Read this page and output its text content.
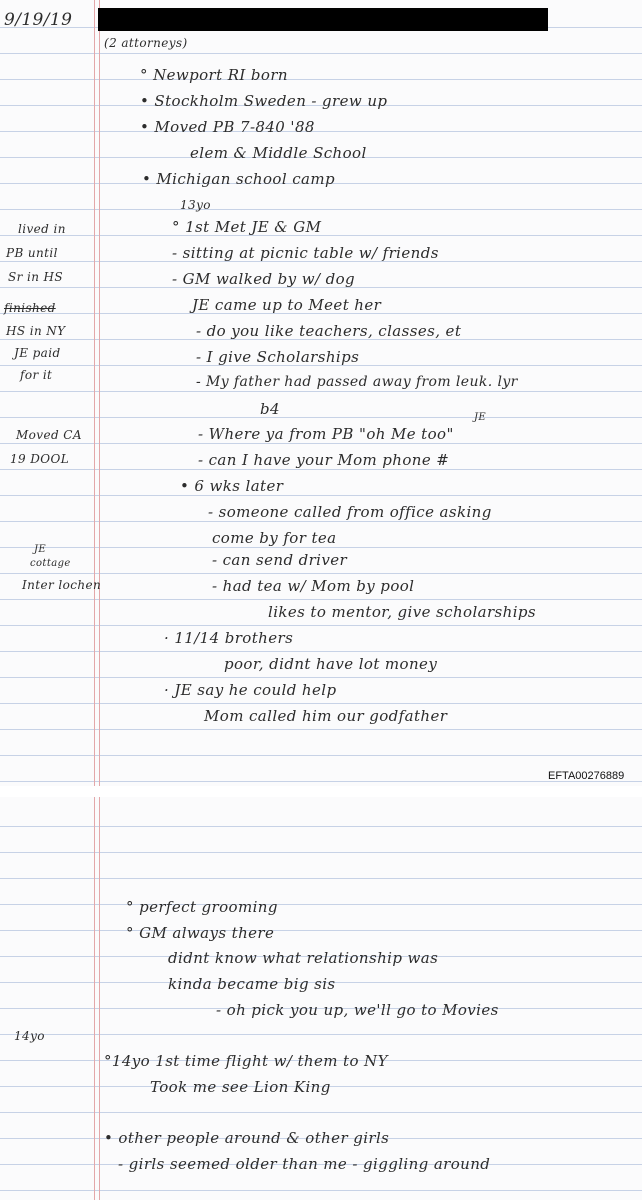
9/19/19
(2 attorneys)
° Newport RI born
• Stockholm Sweden - grew up
• Moved PB 7-840 '88
elem & Middle School
• Michigan school camp
13yo
° 1st Met JE & GM
- sitting at picnic table w/ friends
- GM walked by w/ dog
JE came up to Meet her
- do you like teachers, classes, et
- I give Scholarships
- My father had passed away from leuk. lyr
b4	JE
- Where ya from PB "oh Me too"
- can I have your Mom phone #
• 6 wks later
- someone called from office asking
come by for tea
- can send driver
- had tea w/ Mom by pool
likes to mentor, give scholarships
· 11/14 brothers
poor, didnt have lot money
· JE say he could help
Mom called him our godfather
lived in
PB until
Sr in HS
finished
HS in NY
JE paid
for it
Moved CA
19 DOOL
JE
cottage
Inter lochen
EFTA00276889
° perfect grooming
° GM always there
didnt know what relationship was
kinda became big sis
- oh pick you up, we'll go to Movies
14yo
°14yo 1st time flight w/ them to NY
Took me see Lion King
• other people around & other girls
- girls seemed older than me - giggling around
